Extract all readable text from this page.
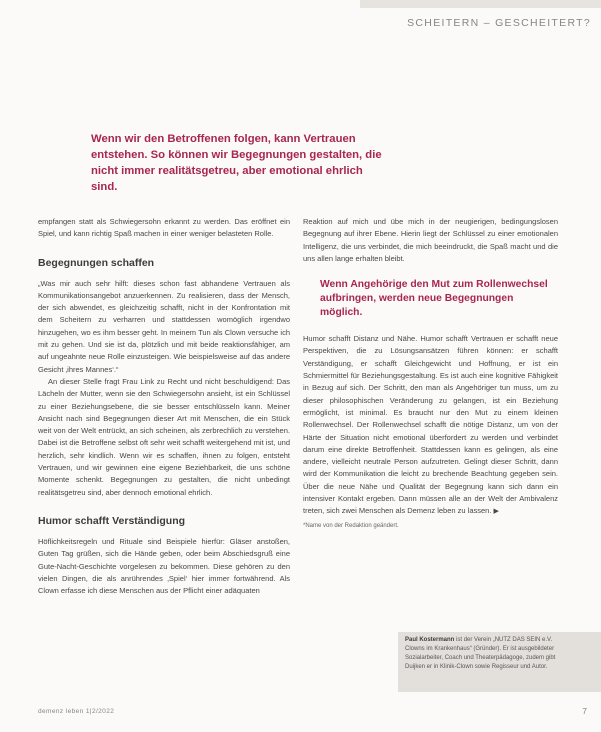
SCHEITERN – GESCHEITERT?
Wenn wir den Betroffenen folgen, kann Vertrauen entstehen. So können wir Begegnungen gestalten, die nicht immer realitätsgetreu, aber emotional ehrlich sind.

empfangen statt als Schwiegersohn erkannt zu werden. Das eröffnet ein Spiel, und kann richtig Spaß machen in einer weniger belasteten Rolle.

Begegnungen schaffen

„Was mir auch sehr hilft: dieses schon fast abhandene Vertrauen als Kommunikationsangebot anzuerkennen. Zu realisieren, dass der Mensch, der sich abwendet, es gleichzeitig schafft, nicht in der Konfrontation mit dem Scheitern zu verharren und stattdessen womöglich irgendwo hinzugehen, wo es ihm besser geht. In meinem Tun als Clown versuche ich mit zu gehen. Und sie ist da, plötzlich und mit beide reaktionsfähiger, am auf ungeahnte neue Rolle einzusteigen. Wie beispielsweise auf das andere Gesicht ‚ihres Mannes‘.“

An dieser Stelle fragt Frau Link zu Recht und nicht beschuldigend: Das Lächeln der Mutter, wenn sie den Schwiegersohn ansieht, ist ein Schlüssel zu einer Beziehungsebene, die sie besser entschlüsseln kann. Meiner Ansicht nach sind Begegnungen dieser Art mit Menschen, die ein Stück weit von der Welt entrückt, an sich scheinen, als zerbrechlich zu verstehen. Dabei ist die Betroffene selbst oft sehr weit schafft weitergehend mit ist, und herzlich, sehr kindlich. Wenn wir es schaffen, ihnen zu folgen, entsteht Vertrauen, und wir gewinnen eine eigene Beziehbarkeit, die uns schöne Momente schenkt. Begegnungen zu gestalten, die nicht unbedingt realitätsgetreu sind, aber dennoch emotional ehrlich.

Humor schafft Verständigung

Höflichkeitsregeln und Rituale sind Beispiele hierfür: Gläser anstoßen, Guten Tag grüßen, sich die Hände geben, oder beim Abschiedsgruß eine Gute-Nacht-Geschichte vorgelesen zu bekommen. Diese gehören zu den vielen Dingen, die als anrührendes ‚Spiel‘ hier immer fortwährend. Als Clown erfasse ich diese Menschen aus der Pflicht einer adäquaten

Reaktion auf mich und übe mich in der neugierigen, bedingungslosen Begegnung auf ihrer Ebene. Hierin liegt der Schlüssel zu einer emotionalen Intelligenz, die uns verbindet, die mich beeindruckt, die Spaß macht und die uns allen lange erhalten bleibt.

Wenn Angehörige den Mut zum Rollenwechsel aufbringen, werden neue Begegnungen möglich.

Humor schafft Distanz und Nähe. Humor schafft Vertrauen er schafft neue Perspektiven, die zu Lösungsansätzen führen können: er schafft Verständigung, er schafft Gleichgewicht und Hoffnung, er ist ein Schmiermittel für Beziehungsgestaltung. Es ist auch eine kognitive Fähigkeit in Bezug auf sich. Der Schritt, den man als Angehöriger tun muss, um zu dieser philosophischen Veränderung zu gelangen, ist ein Beziehung ermöglicht, ist minimal. Es braucht nur den Mut zu einem kleinen Rollenwechsel. Der Rollenwechsel schafft die nötige Distanz, um von der Härte der Situation nicht emotional überfordert zu werden und verbindet darum eine direkte Betroffenheit. Stattdessen kann es gelingen, als eine andere, vielleicht neutrale Person aufzutreten. Gelingt dieser Schritt, dann wird der Kommunikation die leicht zu brechende Beachtung gegeben sein. Über die neue Nähe und Qualität der Begegnung kann sich dann ein intensiver Kontakt ergeben. Dann müssen alle an der Welt der Ambivalenz treten, sich zwei Menschen als Demenz leben zu lassen. ▶

*Name von der Redaktion geändert.
Paul Kostermann ist der Verein „NUTZ DAS SEIN e.V. Clowns im Krankenhaus“ (Gründer). Er ist ausgebildeter Sozialarbeiter, Coach und Theaterpädagoge, zudem gibt Duijken er in Klinik-Clown sowie Regisseur und Autor.
demenz leben 1|2/2022	7
